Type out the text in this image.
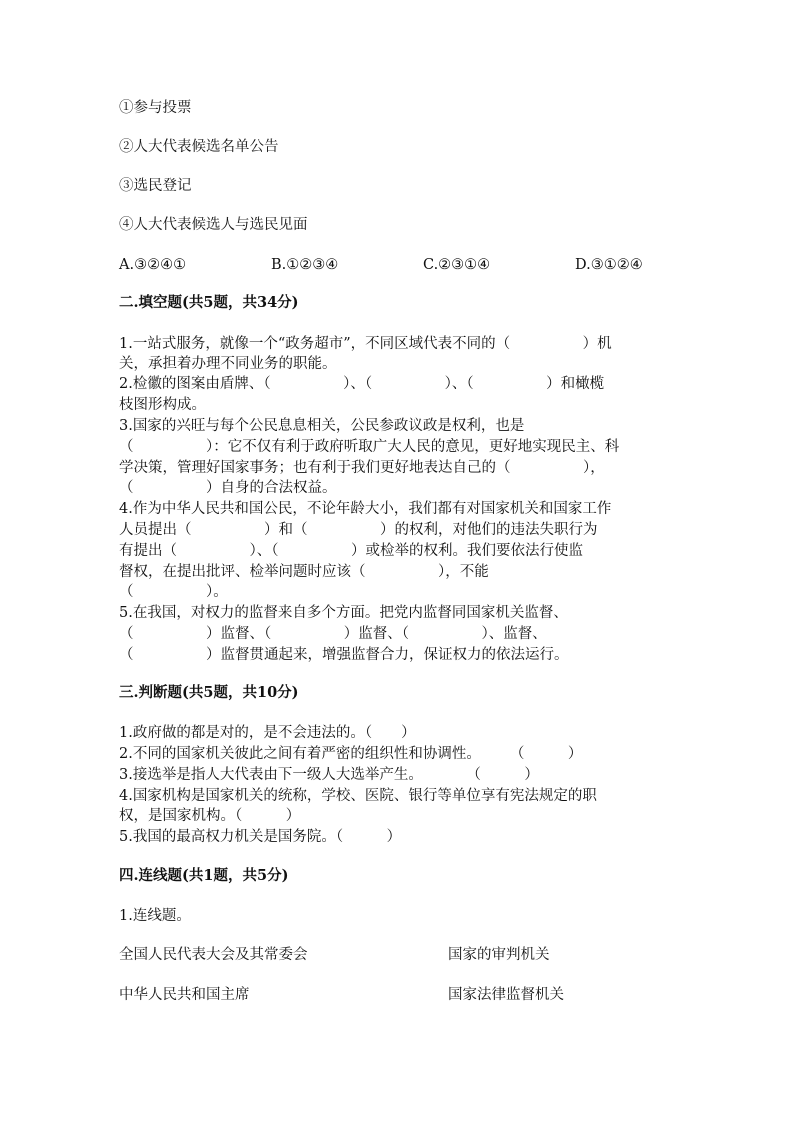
①参与投票
②人大代表候选名单公告
③选民登记
④人大代表候选人与选民见面
A.③②④①	B.①②③④	C.②③①④	D.③①②④
二.填空题(共5题，共34分)
1.一站式服务，就像一个“政务超市”，不同区域代表不同的（　　　　　）机
关，承担着办理不同业务的职能。
2.检徽的图案由盾牌、（　　　　　）、（　　　　　）、（　　　　　）和橄榄
枝图形构成。
3.国家的兴旺与每个公民息息相关，公民参政议政是权利，也是
（　　　　　）：它不仅有利于政府听取广大人民的意见，更好地实现民主、科
学决策，管理好国家事务；也有利于我们更好地表达自己的（　　　　　），
（　　　　　）自身的合法权益。
4.作为中华人民共和国公民，不论年龄大小，我们都有对国家机关和国家工作
人员提出（　　　　　）和（　　　　　）的权利，对他们的违法失职行为
有提出（　　　　　）、（　　　　　）或检举的权利。我们要依法行使监
督权，在提出批评、检举问题时应该（　　　　　），不能
（　　　　　）。
5.在我国，对权力的监督来自多个方面。把党内监督同国家机关监督、
（　　　　　）监督、（　　　　　）监督、（　　　　　）、监督、
（　　　　　）监督贯通起来，增强监督合力，保证权力的依法运行。
三.判断题(共5题，共10分)
1.政府做的都是对的，是不会违法的。（　　）
2.不同的国家机关彼此之间有着严密的组织性和协调性。　　　（　　　）
3.接选举是指人大代表由下一级人大选举产生。　　　　（　　　）
4.国家机构是国家机关的统称，学校、医院、银行等单位享有宪法规定的职
权，是国家机构。（　　　）
5.我国的最高权力机关是国务院。（　　　）
四.连线题(共1题，共5分)
1.连线题。
全国人民代表大会及其常委会	国家的审判机关
中华人民共和国主席	国家法律监督机关
